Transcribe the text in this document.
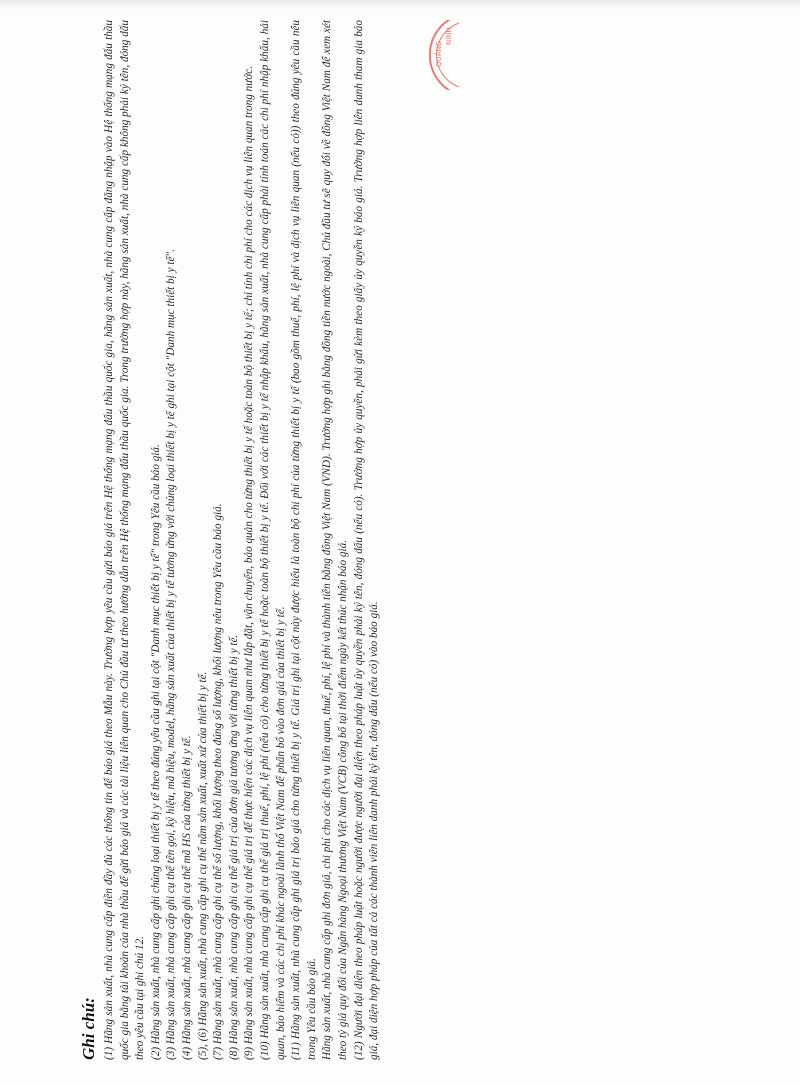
QUẢNG
NINH

Ghi chú: (1) Hãng sản xuất, nhà cung cấp điền đầy đủ các thông tin để báo giá theo Mẫu này. Trường hợp yêu cầu gửi báo giá trên Hệ thống mạng đấu thầu quốc gia, hãng sản xuất, nhà cung cấp đăng nhập vào Hệ thống mạng đấu thầu quốc gia bằng tài khoản của nhà thầu để gửi báo giá và các tài liệu liên quan cho Chủ đầu tư theo hướng dẫn trên Hệ thống mạng đấu thầu quốc gia. Trong trường hợp này, hãng sản xuất, nhà cung cấp không phải ký tên, đóng dấu theo yêu cầu tại ghi chú 12. (2) Hãng sản xuất, nhà cung cấp ghi chủng loại thiết bị y tế theo đúng yêu cầu ghi tại cột "Danh mục thiết bị y tế" trong Yêu cầu báo giá. (3) Hãng sản xuất, nhà cung cấp ghi cụ thể tên gọi, ký hiệu, mã hiệu, model, hãng sản xuất của thiết bị y tế tương ứng với chủng loại thiết bị y tế ghi tại cột "Danh mục thiết bị y tế". (4) Hãng sản xuất, nhà cung cấp ghi cụ thể mã HS của từng thiết bị y tế. (5), (6) Hãng sản xuất, nhà cung cấp ghi cụ thể năm sản xuất, xuất xứ của thiết bị y tế. (7) Hãng sản xuất, nhà cung cấp ghi cụ thể số lượng, khối lượng theo đúng số lượng, khối lượng nêu trong Yêu cầu báo giá. (8) Hãng sản xuất, nhà cung cấp ghi cụ thể giá trị của đơn giá tương ứng với từng thiết bị y tế. (9) Hãng sản xuất, nhà cung cấp ghi cụ thể giá trị để thực hiện các dịch vụ liên quan như lắp đặt, vận chuyển, bảo quản cho từng thiết bị y tế hoặc toàn bộ thiết bị y tế; chỉ tính chi phí cho các dịch vụ liên quan trong nước. (10) Hãng sản xuất, nhà cung cấp ghi cụ thể giá trị thuế, phí, lệ phí (nếu có) cho từng thiết bị y tế hoặc toàn bộ thiết bị y tế. Đối với các thiết bị y tế nhập khẩu, hãng sản xuất, nhà cung cấp phải tính toán các chi phí nhập khẩu, hải quan, bảo hiểm và các chi phí khác ngoài lãnh thổ Việt Nam để phân bổ vào đơn giá của thiết bị y tế. (11) Hãng sản xuất, nhà cung cấp ghi giá trị báo giá cho từng thiết bị y tế. Giá trị ghi tại cột này được hiểu là toàn bộ chi phí của từng thiết bị y tế (bao gồm thuế, phí, lệ phí và dịch vụ liên quan (nếu có)) theo đúng yêu cầu nêu trong Yêu cầu báo giá. Hãng sản xuất, nhà cung cấp ghi đơn giá, chi phí cho các dịch vụ liên quan, thuế, phí, lệ phí và thành tiền bằng đồng Việt Nam (VND). Trường hợp ghi bằng đồng tiền nước ngoài, Chủ đầu tư sẽ quy đổi về đồng Việt Nam để xem xét theo tỷ giá quy đổi của Ngân hàng Ngoại thương Việt Nam (VCB) công bố tại thời điểm ngày kết thúc nhận báo giá. (12) Người đại diện theo pháp luật hoặc người được người đại diện theo pháp luật ủy quyền phải ký tên, đóng dấu (nếu có). Trường hợp ủy quyền, phải gửi kèm theo giấy ủy quyền ký báo giá. Trường hợp liên danh tham gia báo giá, đại diện hợp pháp của tất cả các thành viên liên danh phải ký tên, đóng dấu (nếu có) vào báo giá.
